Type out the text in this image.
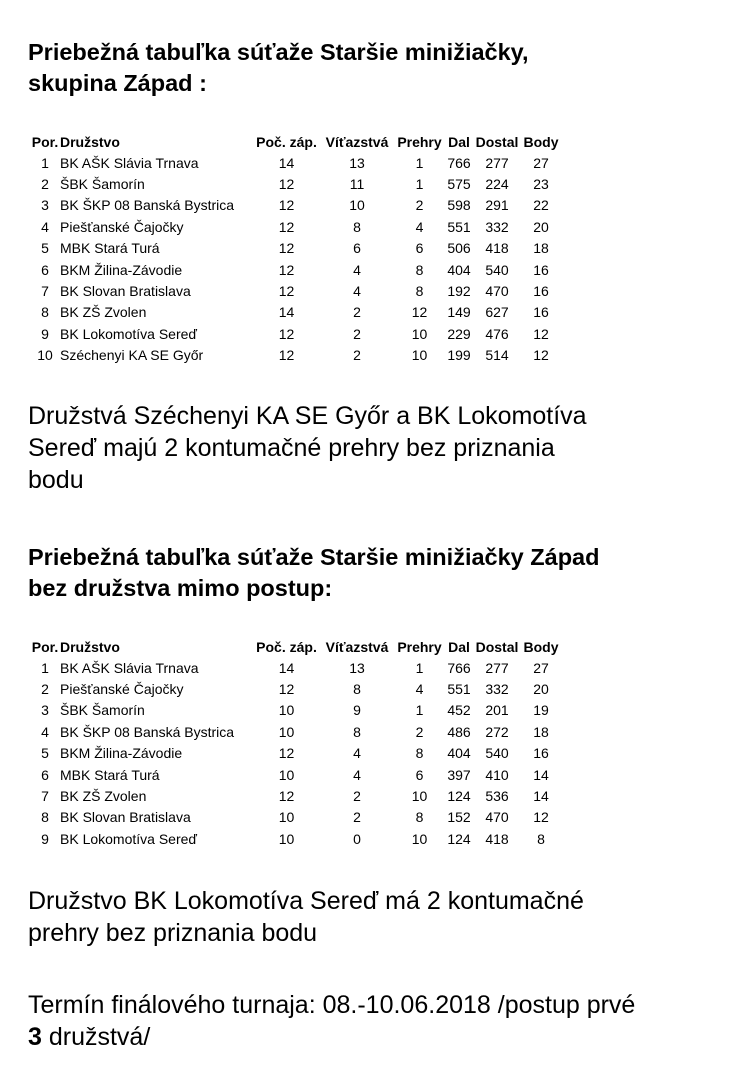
Priebežná tabuľka súťaže Staršie minižiačky,
skupina Západ :
Por.	Družstvo	Poč. záp.	Víťazstvá	Prehry	Dal	Dostal	Body
1	BK AŠK Slávia Trnava	14	13	1	766	277	27
2	ŠBK Šamorín	12	11	1	575	224	23
3	BK ŠKP 08 Banská Bystrica	12	10	2	598	291	22
4	Piešťanské Čajočky	12	8	4	551	332	20
5	MBK Stará Turá	12	6	6	506	418	18
6	BKM Žilina-Závodie	12	4	8	404	540	16
7	BK Slovan Bratislava	12	4	8	192	470	16
8	BK ZŠ Zvolen	14	2	12	149	627	16
9	BK Lokomotíva Sereď	12	2	10	229	476	12
10	Széchenyi KA SE Győr	12	2	10	199	514	12
Družstvá Széchenyi KA SE Győr a BK Lokomotíva
Sereď majú 2 kontumačné prehry bez priznania
bodu
Priebežná tabuľka súťaže Staršie minižiačky Západ
bez družstva mimo postup:
Por.	Družstvo	Poč. záp.	Víťazstvá	Prehry	Dal	Dostal	Body
1	BK AŠK Slávia Trnava	14	13	1	766	277	27
2	Piešťanské Čajočky	12	8	4	551	332	20
3	ŠBK Šamorín	10	9	1	452	201	19
4	BK ŠKP 08 Banská Bystrica	10	8	2	486	272	18
5	BKM Žilina-Závodie	12	4	8	404	540	16
6	MBK Stará Turá	10	4	6	397	410	14
7	BK ZŠ Zvolen	12	2	10	124	536	14
8	BK Slovan Bratislava	10	2	8	152	470	12
9	BK Lokomotíva Sereď	10	0	10	124	418	8
Družstvo BK Lokomotíva Sereď má 2 kontumačné
prehry bez priznania bodu
Termín finálového turnaja: 08.-10.06.2018 /postup prvé
3 družstvá/
